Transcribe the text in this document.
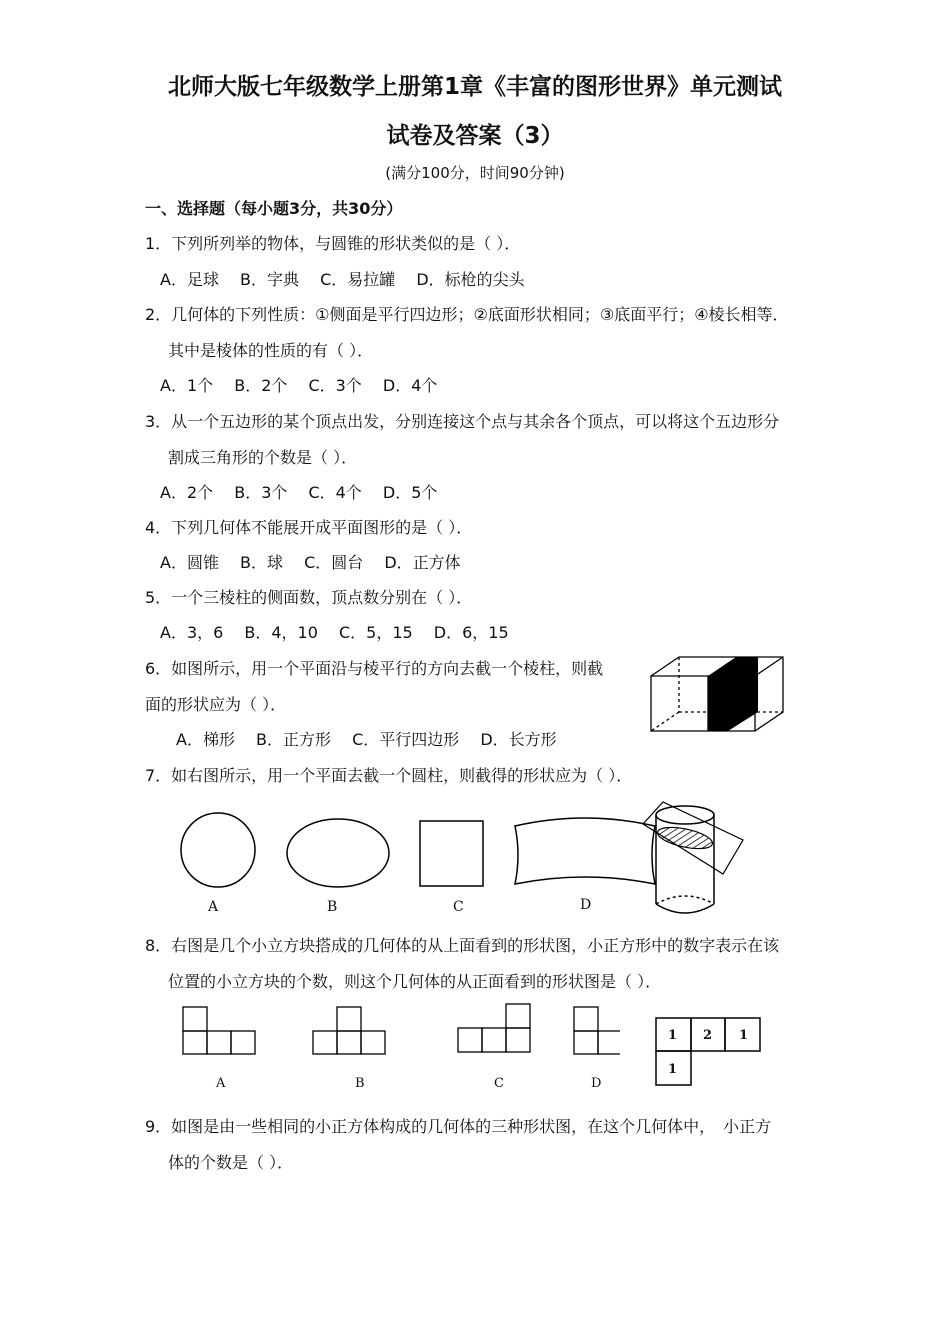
北师大版七年级数学上册第1章《丰富的图形世界》单元测试
试卷及答案（3）
(满分100分，时间90分钟)
一、选择题（每小题3分，共30分）
1．下列所列举的物体，与圆锥的形状类似的是（ ）．
A．足球　 B．字典　 C．易拉罐　 D．标枪的尖头
2．几何体的下列性质：①侧面是平行四边形；②底面形状相同；③底面平行；④棱长相等．
其中是棱体的性质的有（ ）．
A．1个　 B．2个　 C．3个　 D．4个
3．从一个五边形的某个顶点出发，分别连接这个点与其余各个顶点，可以将这个五边形分
割成三角形的个数是（ ）．
A．2个　 B．3个　 C．4个　 D．5个
4．下列几何体不能展开成平面图形的是（ ）．
A．圆锥　 B．球　 C．圆台　 D．正方体
5．一个三棱柱的侧面数，顶点数分别在（ ）．
A．3，6　 B．4，10　 C．5，15　 D．6，15
6．如图所示，用一个平面沿与棱平行的方向去截一个棱柱，则截
面的形状应为（ ）．
A．梯形　 B．正方形　 C．平行四边形　 D．长方形
7．如右图所示，用一个平面去截一个圆柱，则截得的形状应为（ ）．
A	B	C	D
8．右图是几个小立方块搭成的几何体的从上面看到的形状图，小正方形中的数字表示在该
位置的小立方块的个数，则这个几何体的从正面看到的形状图是（ ）．
1 2 1
1
A	B	C	D
9．如图是由一些相同的小正方体构成的几何体的三种形状图，在这个几何体中，　小正方
体的个数是（ ）．
